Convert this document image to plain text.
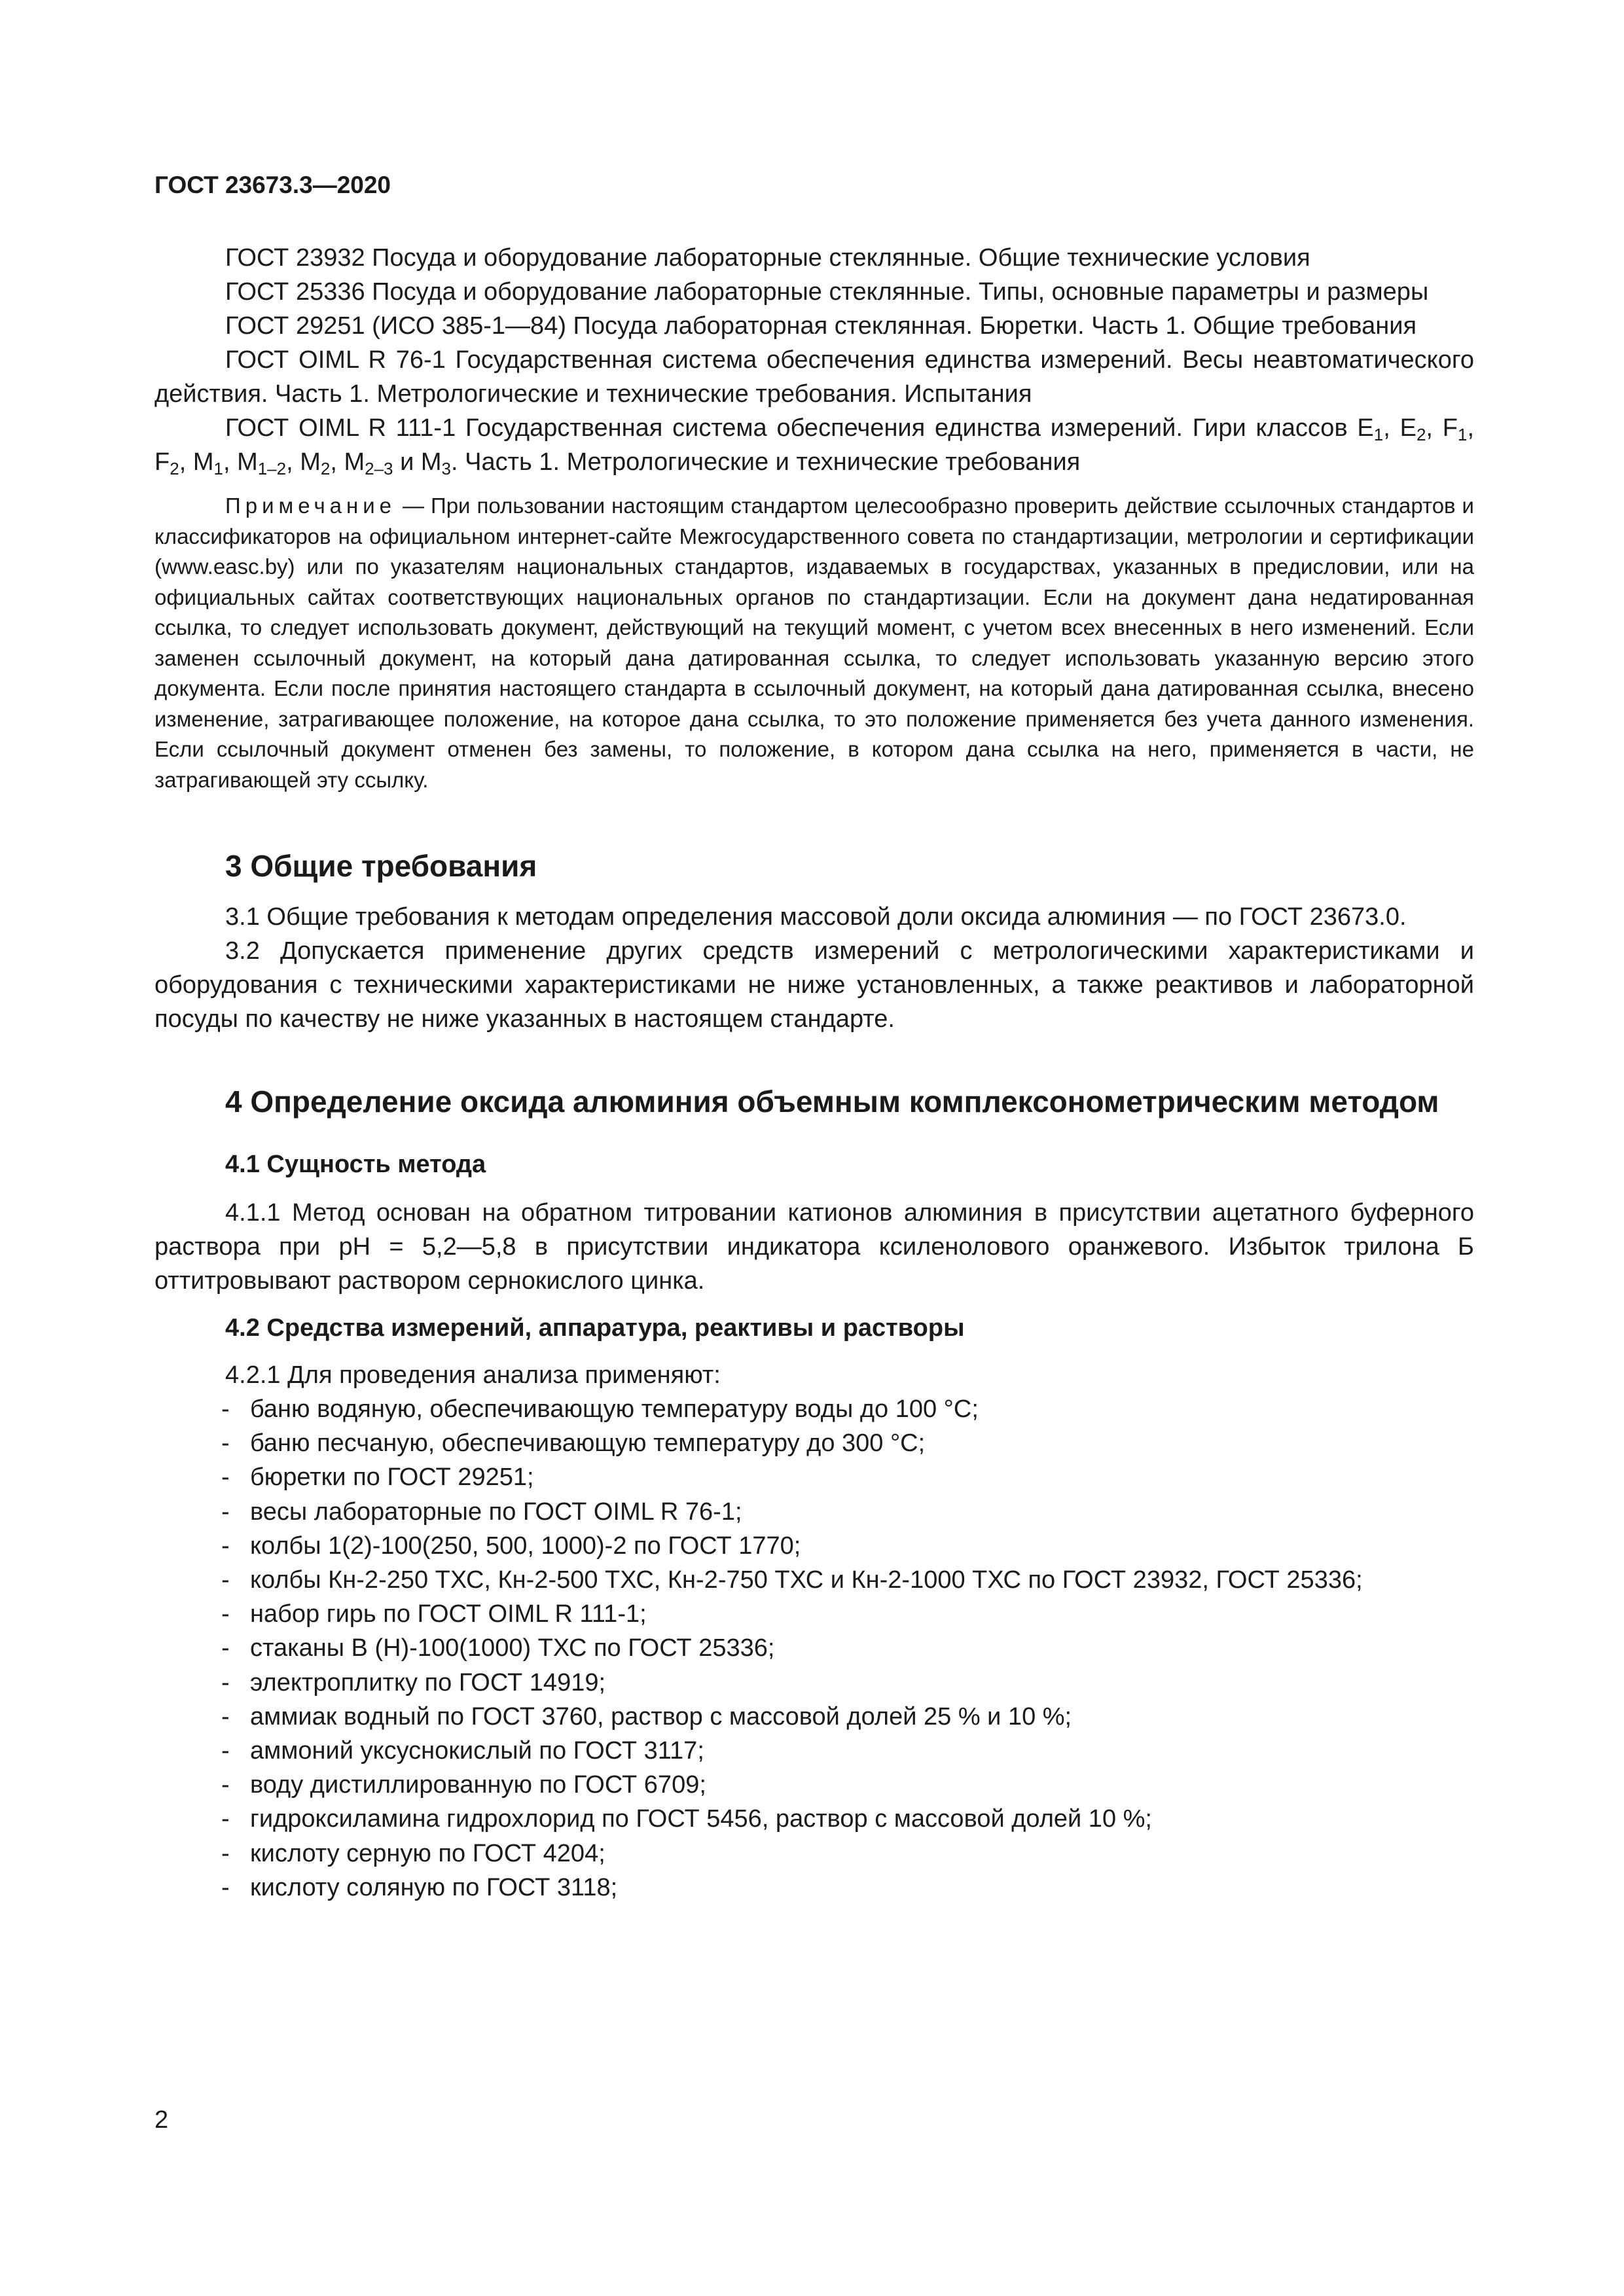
ГОСТ 23673.3—2020

ГОСТ 23932 Посуда и оборудование лабораторные стеклянные. Общие технические условия

ГОСТ 25336 Посуда и оборудование лабораторные стеклянные. Типы, основные параметры и размеры

ГОСТ 29251 (ИСО 385-1—84) Посуда лабораторная стеклянная. Бюретки. Часть 1. Общие требования

ГОСТ OIML R 76-1 Государственная система обеспечения единства измерений. Весы неавтоматического действия. Часть 1. Метрологические и технические требования. Испытания

ГОСТ OIML R 111-1 Государственная система обеспечения единства измерений. Гири классов $E_1$, $E_2$, $F_1$, $F_2$, $M_1$, $M_{1-2}$, $M_2$, $M_{2-3}$ и $M_3$. Часть 1. Метрологические и технические требования

Примечание — При пользовании настоящим стандартом целесообразно проверить действие ссылочных стандартов и классификаторов на официальном интернет-сайте Межгосударственного совета по стандартизации, метрологии и сертификации (www.easc.by) или по указателям национальных стандартов, издаваемых в государствах, указанных в предисловии, или на официальных сайтах соответствующих национальных органов по стандартизации. Если на документ дана недатированная ссылка, то следует использовать документ, действующий на текущий момент, с учетом всех внесенных в него изменений. Если заменен ссылочный документ, на который дана датированная ссылка, то следует использовать указанную версию этого документа. Если после принятия настоящего стандарта в ссылочный документ, на который дана датированная ссылка, внесено изменение, затрагивающее положение, на которое дана ссылка, то это положение применяется без учета данного изменения. Если ссылочный документ отменен без замены, то положение, в котором дана ссылка на него, применяется в части, не затрагивающей эту ссылку.

3 Общие требования

3.1 Общие требования к методам определения массовой доли оксида алюминия — по ГОСТ 23673.0.

3.2 Допускается применение других средств измерений с метрологическими характеристиками и оборудования с техническими характеристиками не ниже установленных, а также реактивов и лабораторной посуды по качеству не ниже указанных в настоящем стандарте.

4 Определение оксида алюминия объемным комплексонометрическим методом
4.1 Сущность метода

4.1.1 Метод основан на обратном титровании катионов алюминия в присутствии ацетатного буферного раствора при pH = 5,2—5,8 в присутствии индикатора ксиленолового оранжевого. Избыток трилона Б оттитровывают раствором сернокислого цинка.

4.2 Средства измерений, аппаратура, реактивы и растворы

4.2.1 Для проведения анализа применяют:

- баню водяную, обеспечивающую температуру воды до 100 °С;
- баню песчаную, обеспечивающую температуру до 300 °С;
- бюретки по ГОСТ 29251;
- весы лабораторные по ГОСТ OIML R 76-1;
- колбы 1(2)-100(250, 500, 1000)-2 по ГОСТ 1770;
- колбы Кн-2-250 ТХС, Кн-2-500 ТХС, Кн-2-750 ТХС и Кн-2-1000 ТХС по ГОСТ 23932, ГОСТ 25336;
- набор гирь по ГОСТ OIML R 111-1;
- стаканы В (Н)-100(1000) ТХС по ГОСТ 25336;
- электроплитку по ГОСТ 14919;
- аммиак водный по ГОСТ 3760, раствор с массовой долей 25 % и 10 %;
- аммоний уксуснокислый по ГОСТ 3117;
- воду дистиллированную по ГОСТ 6709;
- гидроксиламина гидрохлорид по ГОСТ 5456, раствор с массовой долей 10 %;
- кислоту серную по ГОСТ 4204;
- кислоту соляную по ГОСТ 3118;
2
